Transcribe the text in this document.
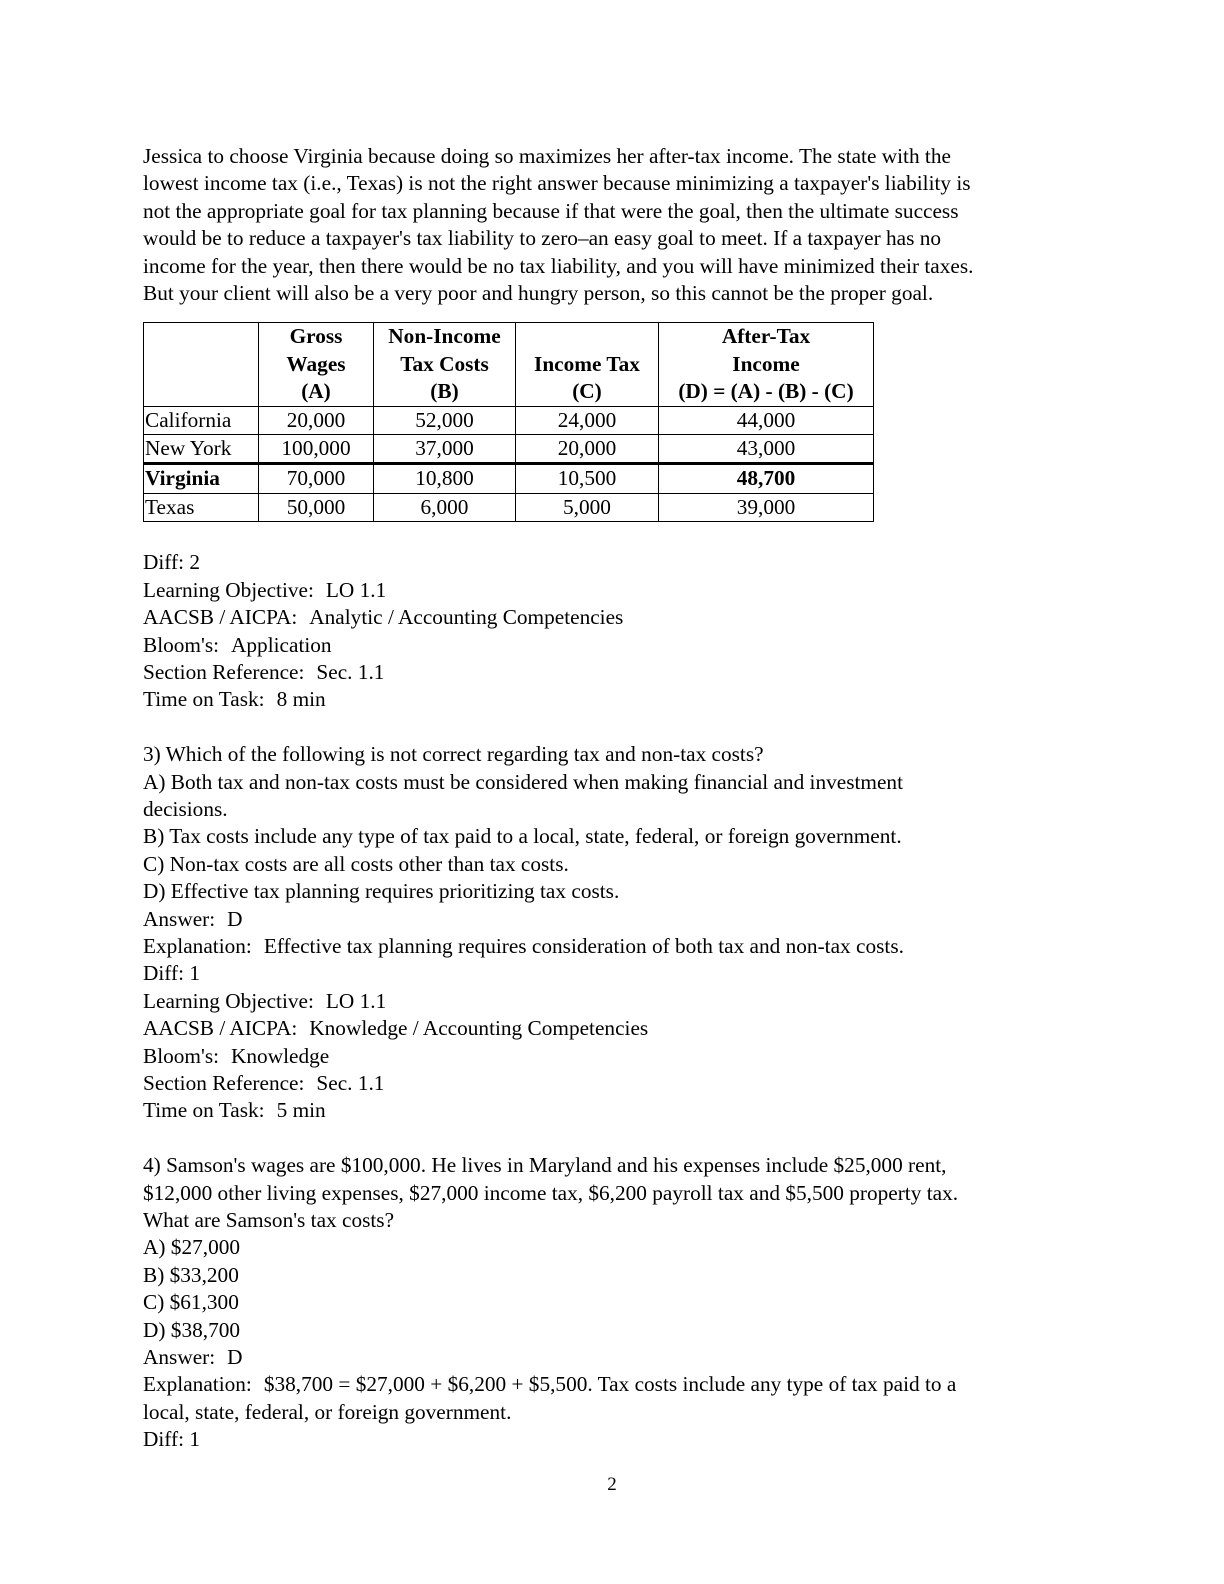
Jessica to choose Virginia because doing so maximizes her after-tax income. The state with the
lowest income tax (i.e., Texas) is not the right answer because minimizing a taxpayer's liability is
not the appropriate goal for tax planning because if that were the goal, then the ultimate success
would be to reduce a taxpayer's tax liability to zero–an easy goal to meet. If a taxpayer has no
income for the year, then there would be no tax liability, and you will have minimized their taxes.
But your client will also be a very poor and hungry person, so this cannot be the proper goal.

	Gross
Wages
(A)	Non-Income
Tax Costs
(B)	Income Tax
(C)	After-Tax
Income
(D) = (A) - (B) - (C)

California	20,000	52,000	24,000	44,000
New York	100,000	37,000	20,000	43,000
Virginia	70,000	10,800	10,500	48,700
Texas	50,000	6,000	5,000	39,000
Diff: 2
Learning Objective: LO 1.1
AACSB / AICPA: Analytic / Accounting Competencies
Bloom's: Application
Section Reference: Sec. 1.1
Time on Task: 8 min
3) Which of the following is not correct regarding tax and non-tax costs?
A) Both tax and non-tax costs must be considered when making financial and investment
decisions.
B) Tax costs include any type of tax paid to a local, state, federal, or foreign government.
C) Non-tax costs are all costs other than tax costs.
D) Effective tax planning requires prioritizing tax costs.
Answer: D
Explanation: Effective tax planning requires consideration of both tax and non-tax costs.
Diff: 1
Learning Objective: LO 1.1
AACSB / AICPA: Knowledge / Accounting Competencies
Bloom's: Knowledge
Section Reference: Sec. 1.1
Time on Task: 5 min
4) Samson's wages are $100,000. He lives in Maryland and his expenses include $25,000 rent,
$12,000 other living expenses, $27,000 income tax, $6,200 payroll tax and $5,500 property tax.
What are Samson's tax costs?
A) $27,000
B) $33,200
C) $61,300
D) $38,700
Answer: D
Explanation: $38,700 = $27,000 + $6,200 + $5,500. Tax costs include any type of tax paid to a
local, state, federal, or foreign government.
Diff: 1
2
